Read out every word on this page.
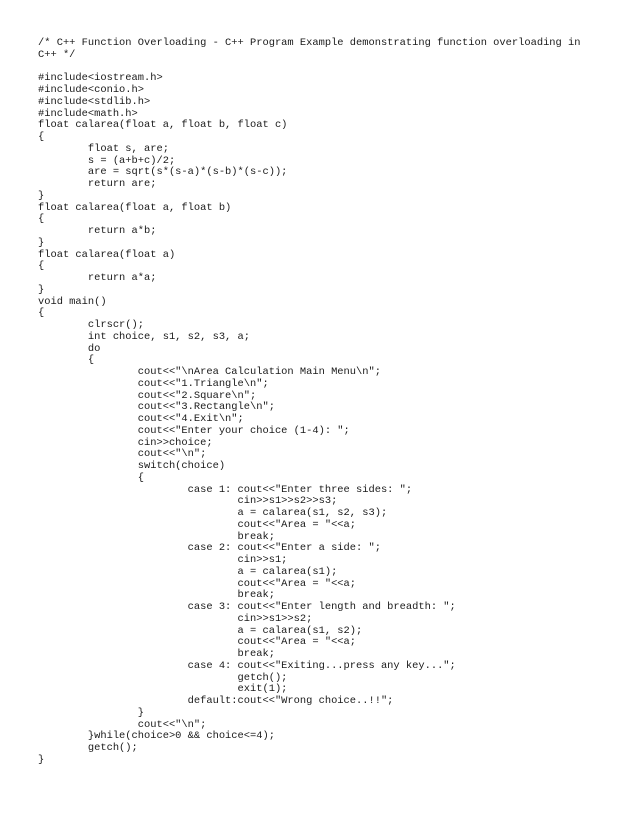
/* C++ Function Overloading - C++ Program Example demonstrating function overloading in
C++ */
#include<iostream.h>
#include<conio.h>
#include<stdlib.h>
#include<math.h>
float calarea(float a, float b, float c)
{
float s, are;
s = (a+b+c)/2;
are = sqrt(s*(s-a)*(s-b)*(s-c));
return are;
}
float calarea(float a, float b)
{
return a*b;
}
float calarea(float a)
{
return a*a;
}
void main()
{
clrscr();
int choice, s1, s2, s3, a;
do
{
cout<<"\nArea Calculation Main Menu\n";
cout<<"1.Triangle\n";
cout<<"2.Square\n";
cout<<"3.Rectangle\n";
cout<<"4.Exit\n";
cout<<"Enter your choice (1-4): ";
cin>>choice;
cout<<"\n";
switch(choice)
{
case 1: cout<<"Enter three sides: ";
cin>>s1>>s2>>s3;
a = calarea(s1, s2, s3);
cout<<"Area = "<<a;
break;
case 2: cout<<"Enter a side: ";
cin>>s1;
a = calarea(s1);
cout<<"Area = "<<a;
break;
case 3: cout<<"Enter length and breadth: ";
cin>>s1>>s2;
a = calarea(s1, s2);
cout<<"Area = "<<a;
break;
case 4: cout<<"Exiting...press any key...";
getch();
exit(1);
default:cout<<"Wrong choice..!!";
}
cout<<"\n";
}while(choice>0 && choice<=4);
getch();
}
